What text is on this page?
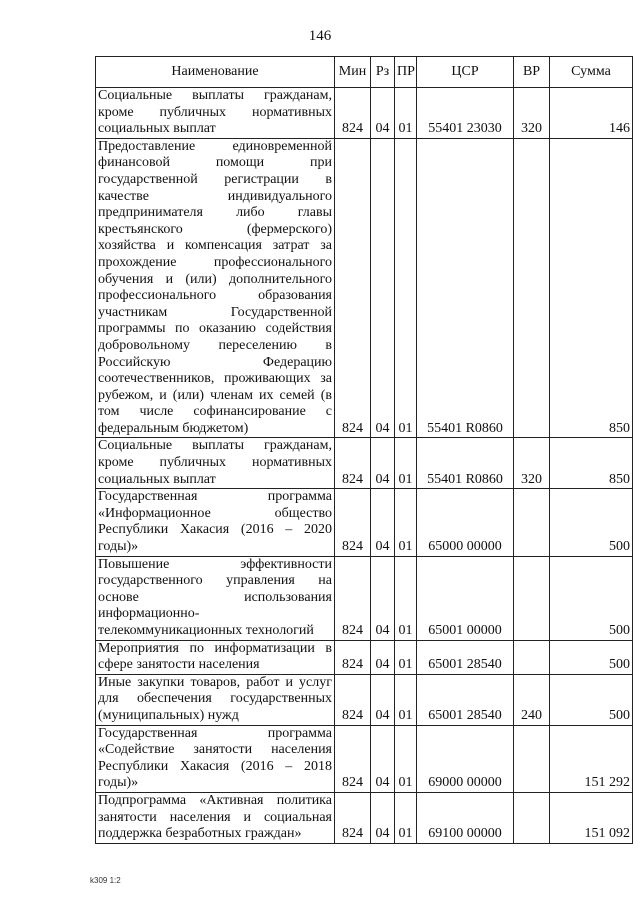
146
Наименование	Мин	Рз	ПР	ЦСР	ВР	Сумма
Социальные выплаты гражданам, кроме публичных нормативных социальных выплат	824	04	01	55401 23030	320	146
Предоставление единовременной финансовой помощи при государственной регистрации в качестве индивидуального предпринимателя либо главы крестьянского (фермерского) хозяйства и компенсация затрат за прохождение профессионального обучения и (или) дополнительного профессионального образования участникам Государственной программы по оказанию содействия добровольному переселению в Российскую Федерацию соотечественников, проживающих за рубежом, и (или) членам их семей (в том числе софинансирование с федеральным бюджетом)	824	04	01	55401 R0860		850
Социальные выплаты гражданам, кроме публичных нормативных социальных выплат	824	04	01	55401 R0860	320	850
Государственная программа «Информационное общество Республики Хакасия (2016 – 2020 годы)»	824	04	01	65000 00000		500
Повышение эффективности государственного управления на основе использования информационно-телекоммуникационных технологий	824	04	01	65001 00000		500
Мероприятия по информатизации в сфере занятости населения	824	04	01	65001 28540		500
Иные закупки товаров, работ и услуг для обеспечения государственных (муниципальных) нужд	824	04	01	65001 28540	240	500
Государственная программа «Содействие занятости населения Республики Хакасия (2016 – 2018 годы)»	824	04	01	69000 00000		151 292
Подпрограмма «Активная политика занятости населения и социальная поддержка безработных граждан»	824	04	01	69100 00000		151 092
k309 1:2
